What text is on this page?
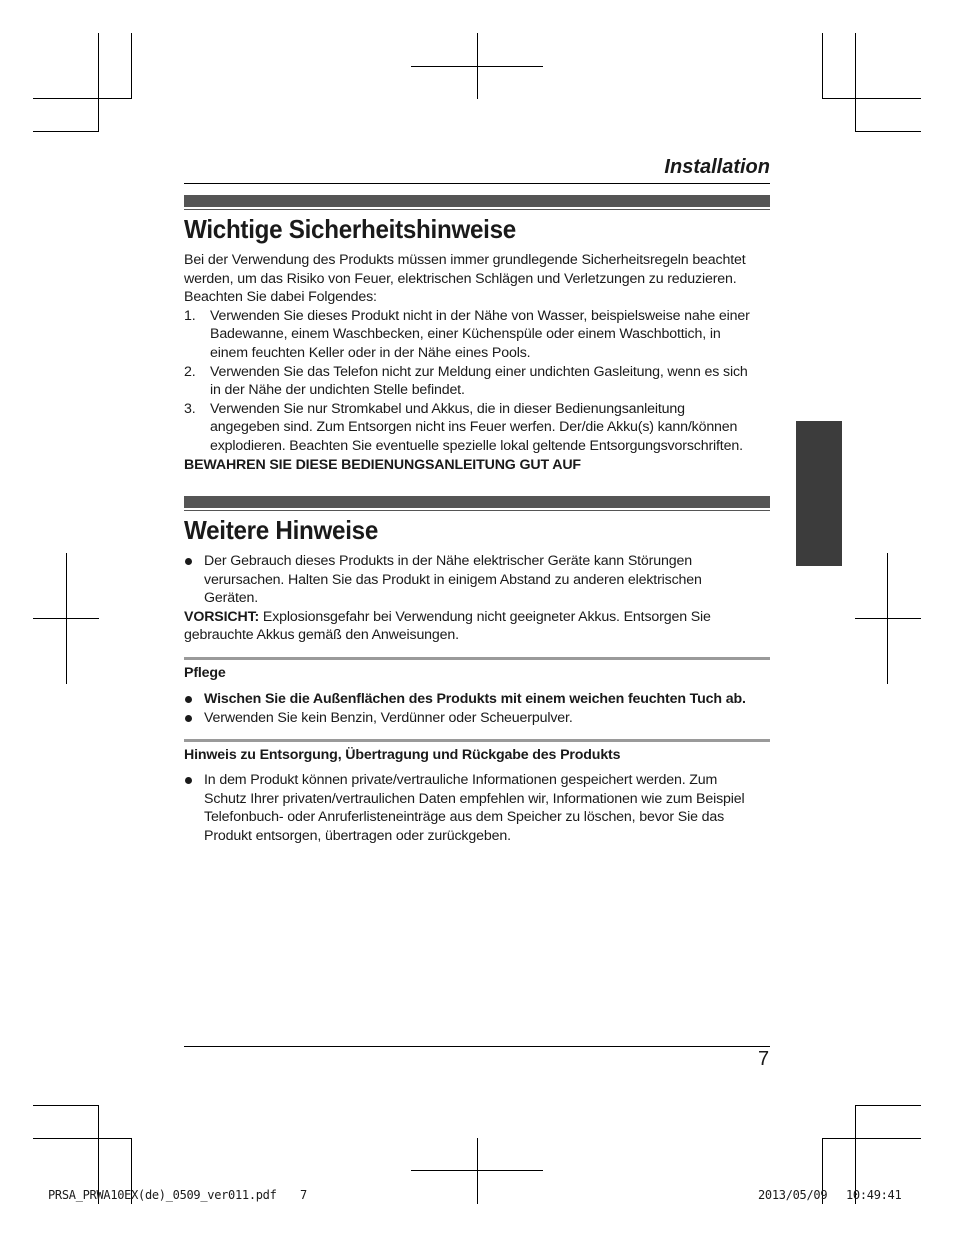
Installation
Wichtige Sicherheitshinweise
Bei der Verwendung des Produkts müssen immer grundlegende Sicherheitsregeln beachtet
werden, um das Risiko von Feuer, elektrischen Schlägen und Verletzungen zu reduzieren.
Beachten Sie dabei Folgendes:
1. Verwenden Sie dieses Produkt nicht in der Nähe von Wasser, beispielsweise nahe einer
Badewanne, einem Waschbecken, einer Küchenspüle oder einem Waschbottich, in
einem feuchten Keller oder in der Nähe eines Pools.
2. Verwenden Sie das Telefon nicht zur Meldung einer undichten Gasleitung, wenn es sich
in der Nähe der undichten Stelle befindet.
3. Verwenden Sie nur Stromkabel und Akkus, die in dieser Bedienungsanleitung
angegeben sind. Zum Entsorgen nicht ins Feuer werfen. Der/die Akku(s) kann/können
explodieren. Beachten Sie eventuelle spezielle lokal geltende Entsorgungsvorschriften.
BEWAHREN SIE DIESE BEDIENUNGSANLEITUNG GUT AUF
Weitere Hinweise
Der Gebrauch dieses Produkts in der Nähe elektrischer Geräte kann Störungen
verursachen. Halten Sie das Produkt in einigem Abstand zu anderen elektrischen
Geräten.
VORSICHT: Explosionsgefahr bei Verwendung nicht geeigneter Akkus. Entsorgen Sie
gebrauchte Akkus gemäß den Anweisungen.
Pflege
Wischen Sie die Außenflächen des Produkts mit einem weichen feuchten Tuch ab.
Verwenden Sie kein Benzin, Verdünner oder Scheuerpulver.
Hinweis zu Entsorgung, Übertragung und Rückgabe des Produkts
In dem Produkt können private/vertrauliche Informationen gespeichert werden. Zum
Schutz Ihrer privaten/vertraulichen Daten empfehlen wir, Informationen wie zum Beispiel
Telefonbuch- oder Anruferlisteneinträge aus dem Speicher zu löschen, bevor Sie das
Produkt entsorgen, übertragen oder zurückgeben.
7
PRSA_PRWA10EX(de)_0509_ver011.pdf 7	2013/05/09 10:49:41
